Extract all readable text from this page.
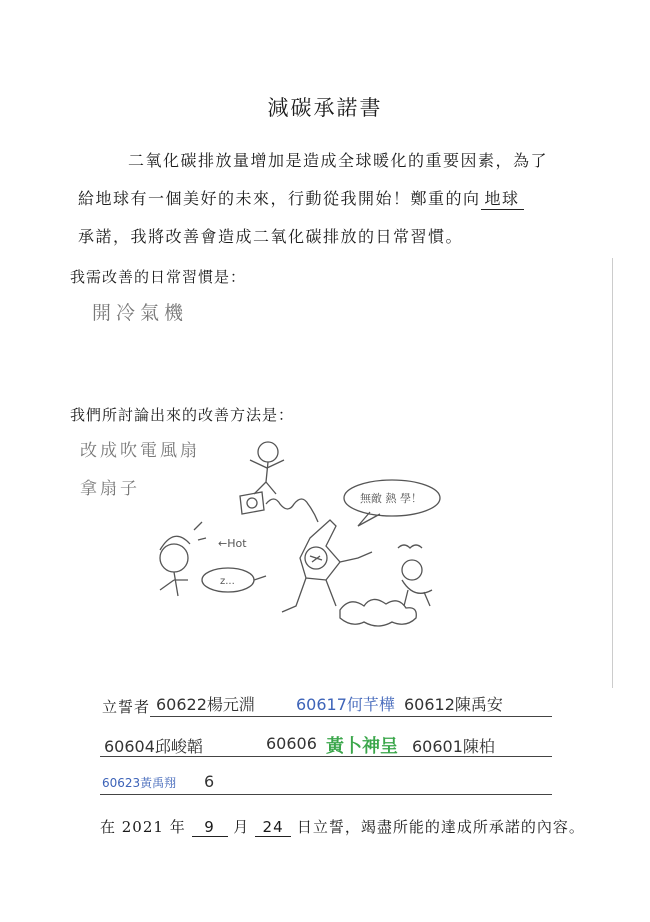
減碳承諾書
二氧化碳排放量增加是造成全球暖化的重要因素，為了
給地球有一個美好的未來，行動從我開始！鄭重的向 地球
承諾，我將改善會造成二氧化碳排放的日常習慣。
我需改善的日常習慣是：
開冷氣機
我們所討論出來的改善方法是：
改成吹電風扇
拿扇子
←Hot
無敵 熱 學！
z...
立誓者 60622楊元淵	60617何芊樺 60612陳禹安
60604邱峻韜	60606 黃卜神呈 60601陳柏
60623黃禹翔 6
在 2021 年 9 月 24 日立誓，竭盡所能的達成所承諾的內容。
